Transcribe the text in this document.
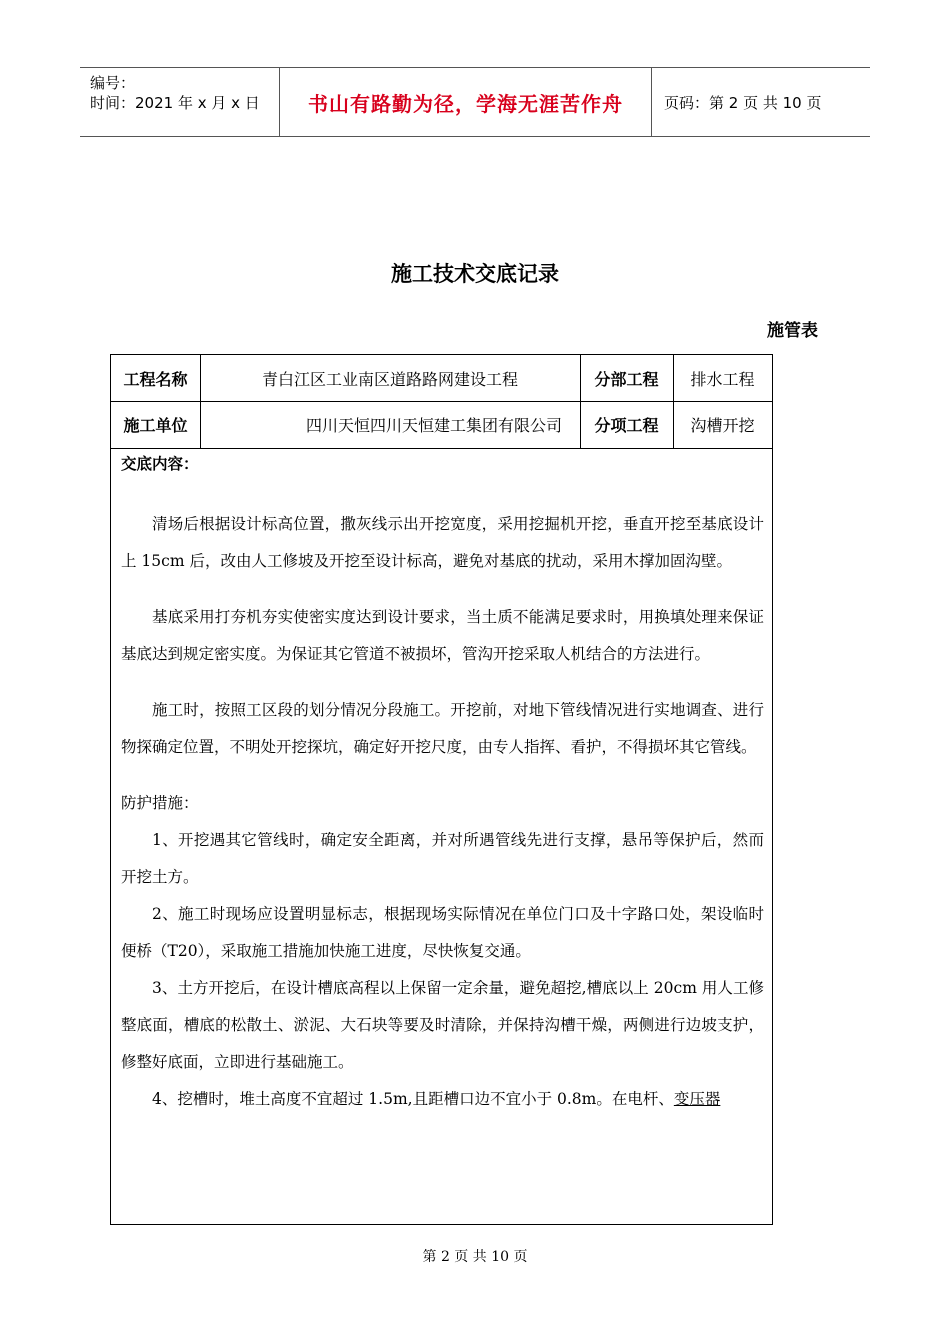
编号：
时间：2021 年 x 月 x 日 书山有路勤为径，学海无涯苦作舟	页码：第 2 页 共 10 页
施工技术交底记录
施管表
工程名称	青白江区工业南区道路路网建设工程	分部工程	排水工程
施工单位	四川天恒四川天恒建工集团有限公司	分项工程	沟槽开挖

交底内容：

清场后根据设计标高位置，撒灰线示出开挖宽度，采用挖掘机开挖，垂直开挖至基底设计上 15cm 后，改由人工修坡及开挖至设计标高，避免对基底的扰动，采用木撑加固沟壁。

基底采用打夯机夯实使密实度达到设计要求，当土质不能满足要求时，用换填处理来保证基底达到规定密实度。为保证其它管道不被损坏，管沟开挖采取人机结合的方法进行。

施工时，按照工区段的划分情况分段施工。开挖前，对地下管线情况进行实地调查、进行物探确定位置，不明处开挖探坑，确定好开挖尺度，由专人指挥、看护，不得损坏其它管线。

防护措施：

1、开挖遇其它管线时，确定安全距离，并对所遇管线先进行支撑，悬吊等保护后，然而开挖土方。

2、施工时现场应设置明显标志，根据现场实际情况在单位门口及十字路口处，架设临时便桥（T20），采取施工措施加快施工进度，尽快恢复交通。

3、土方开挖后，在设计槽底高程以上保留一定余量，避免超挖,槽底以上 20cm 用人工修整底面，槽底的松散土、淤泥、大石块等要及时清除，并保持沟槽干燥，两侧进行边坡支护，修整好底面，立即进行基础施工。

4、挖槽时，堆土高度不宜超过 1.5m,且距槽口边不宜小于 0.8m。在电杆、变压器

第 2 页 共 10 页
